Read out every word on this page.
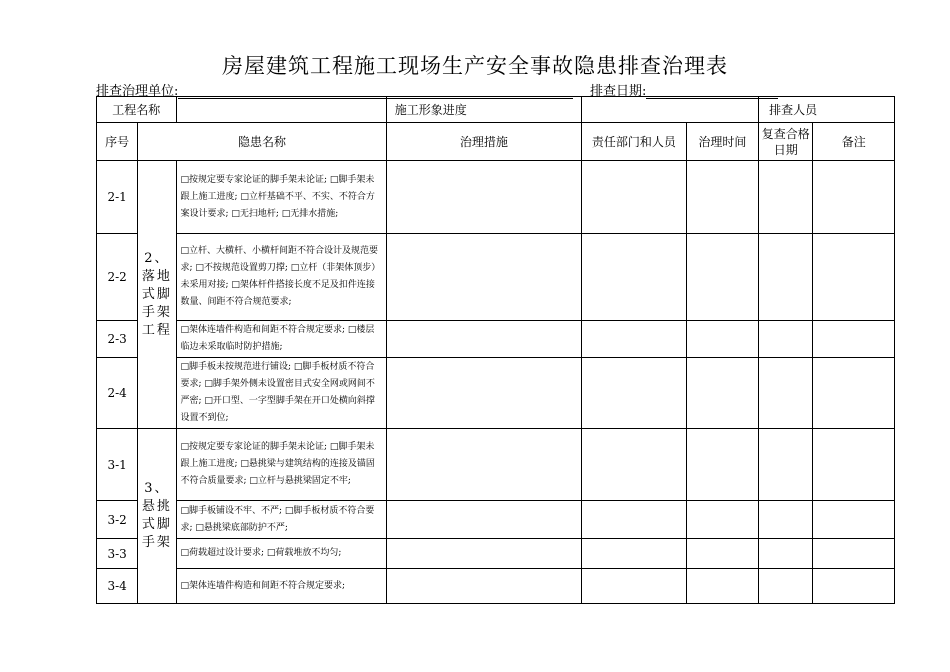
房屋建筑工程施工现场生产安全事故隐患排查治理表
排查治理单位:	排查日期:
工程名称			施工形象进度			排查人员	
序号	隐患名称		治理措施	责任部门和人员	治理时间	复查合格日期	备注
2-1	2、落地式脚手架工程	□按规定要专家论证的脚手架未论证; □脚手架未跟上施工进度; □立杆基础不平、不实、不符合方案设计要求; □无扫地杆; □无排水措施;					
2-2		□立杆、大横杆、小横杆间距不符合设计及规范要求; □不按规范设置剪刀撑; □立杆（非架体顶步）未采用对接; □架体杆件搭接长度不足及扣件连接数量、间距不符合规范要求;					
2-3		□架体连墙件构造和间距不符合规定要求; □楼层临边未采取临时防护措施;					
2-4		□脚手板未按规范进行铺设; □脚手板材质不符合要求; □脚手架外侧未设置密目式安全网或网间不严密; □开口型、一字型脚手架在开口处横向斜撑设置不到位;					
3-1	3、悬挑式脚手架	□按规定要专家论证的脚手架未论证; □脚手架未跟上施工进度; □悬挑梁与建筑结构的连接及锚固不符合质量要求; □立杆与悬挑梁固定不牢;					
3-2		□脚手板铺设不牢、不严; □脚手板材质不符合要求; □悬挑梁底部防护不严;					
3-3		□荷载超过设计要求; □荷载堆放不均匀;					
3-4		□架体连墙件构造和间距不符合规定要求;					
